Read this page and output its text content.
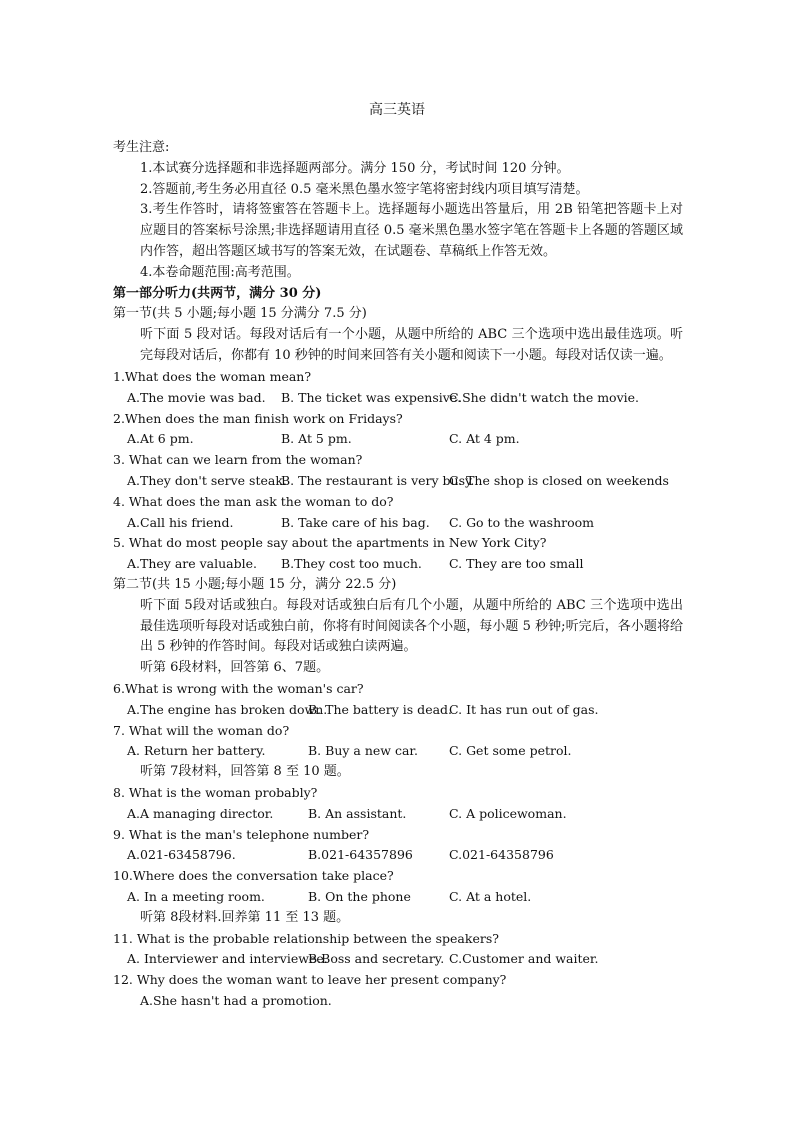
高三英语

考生注意:

1.本试赛分选择题和非选择题两部分。满分 150 分，考试时间 120 分钟。

2.答题前,考生务必用直径 0.5 毫米黑色墨水签字笔将密封线内项目填写清楚。

3.考生作答时，请将签蜜答在答题卡上。选择题每小题选出答量后，用 2B 铅笔把答题卡上对应题目的答案标号涂黑;非选择题请用直径 0.5 毫米黑色墨水签字笔在答题卡上各题的答题区域内作答，超出答题区域书写的答案无效，在试题卷、草稿纸上作答无效。

4.本卷命题范围:高考范围。

第一部分听力(共两节，满分 30 分)

第一节(共 5 小题;每小题 15 分满分 7.5 分)

听下面 5 段对话。每段对话后有一个小题，从题中所给的 ABC 三个选项中选出最佳选项。听完每段对话后，你都有 10 秒钟的时间来回答有关小题和阅读下一小题。每段对话仅读一遍。

1.What does the woman mean?

A.The movie was bad. B. The ticket was expensive.
C.She didn't watch the movie.

2.When does the man finish work on Fridays?

A.At 6 pm.	B. At 5 pm.	C. At 4 pm.

3. What can we learn from the woman?

A.They don't serve steak.
B. The restaurant is very busy.
C. The shop is closed on weekends

4. What does the man ask the woman to do?

A.Call his friend.	B. Take care of his bag. C. Go to the washroom

5. What do most people say about the apartments in New York City?

A.They are valuable. B.They cost too much. C. They are too small

第二节(共 15 小题;每小题 15 分，满分 22.5 分)

听下面 5段对话或独白。每段对话或独白后有几个小题，从题中所给的 ABC 三个选项中选出最佳选项听每段对话或独白前，你将有时间阅读各个小题，每小题 5 秒钟;听完后，各小题将给出 5 秒钟的作答时间。每段对话或独白读两遍。

听第 6段材料，回答第 6、7题。

6.What is wrong with the woman's car?

A.The engine has broken down.
B. The battery is dead.
C. It has run out of gas.

7. What will the woman do?

A. Return her battery.	B. Buy a new car. C. Get some petrol.

听第 7段材料，回答第 8 至 10 题。

8. What is the woman probably?

A.A managing director.	B. An assistant.	C. A policewoman.

9. What is the man's telephone number?

A.021-63458796.	B.021-64357896	C.021-64358796

10.Where does the conversation take place?

A. In a meeting room.	B. On the phone	C. At a hotel.

听第 8段材料.回养第 11 至 13 题。

11. What is the probable relationship between the speakers?

A. Interviewer and interviewee.
B.Boss and secretary. C.Customer and waiter.

12. Why does the woman want to leave her present company?

A.She hasn't had a promotion.
